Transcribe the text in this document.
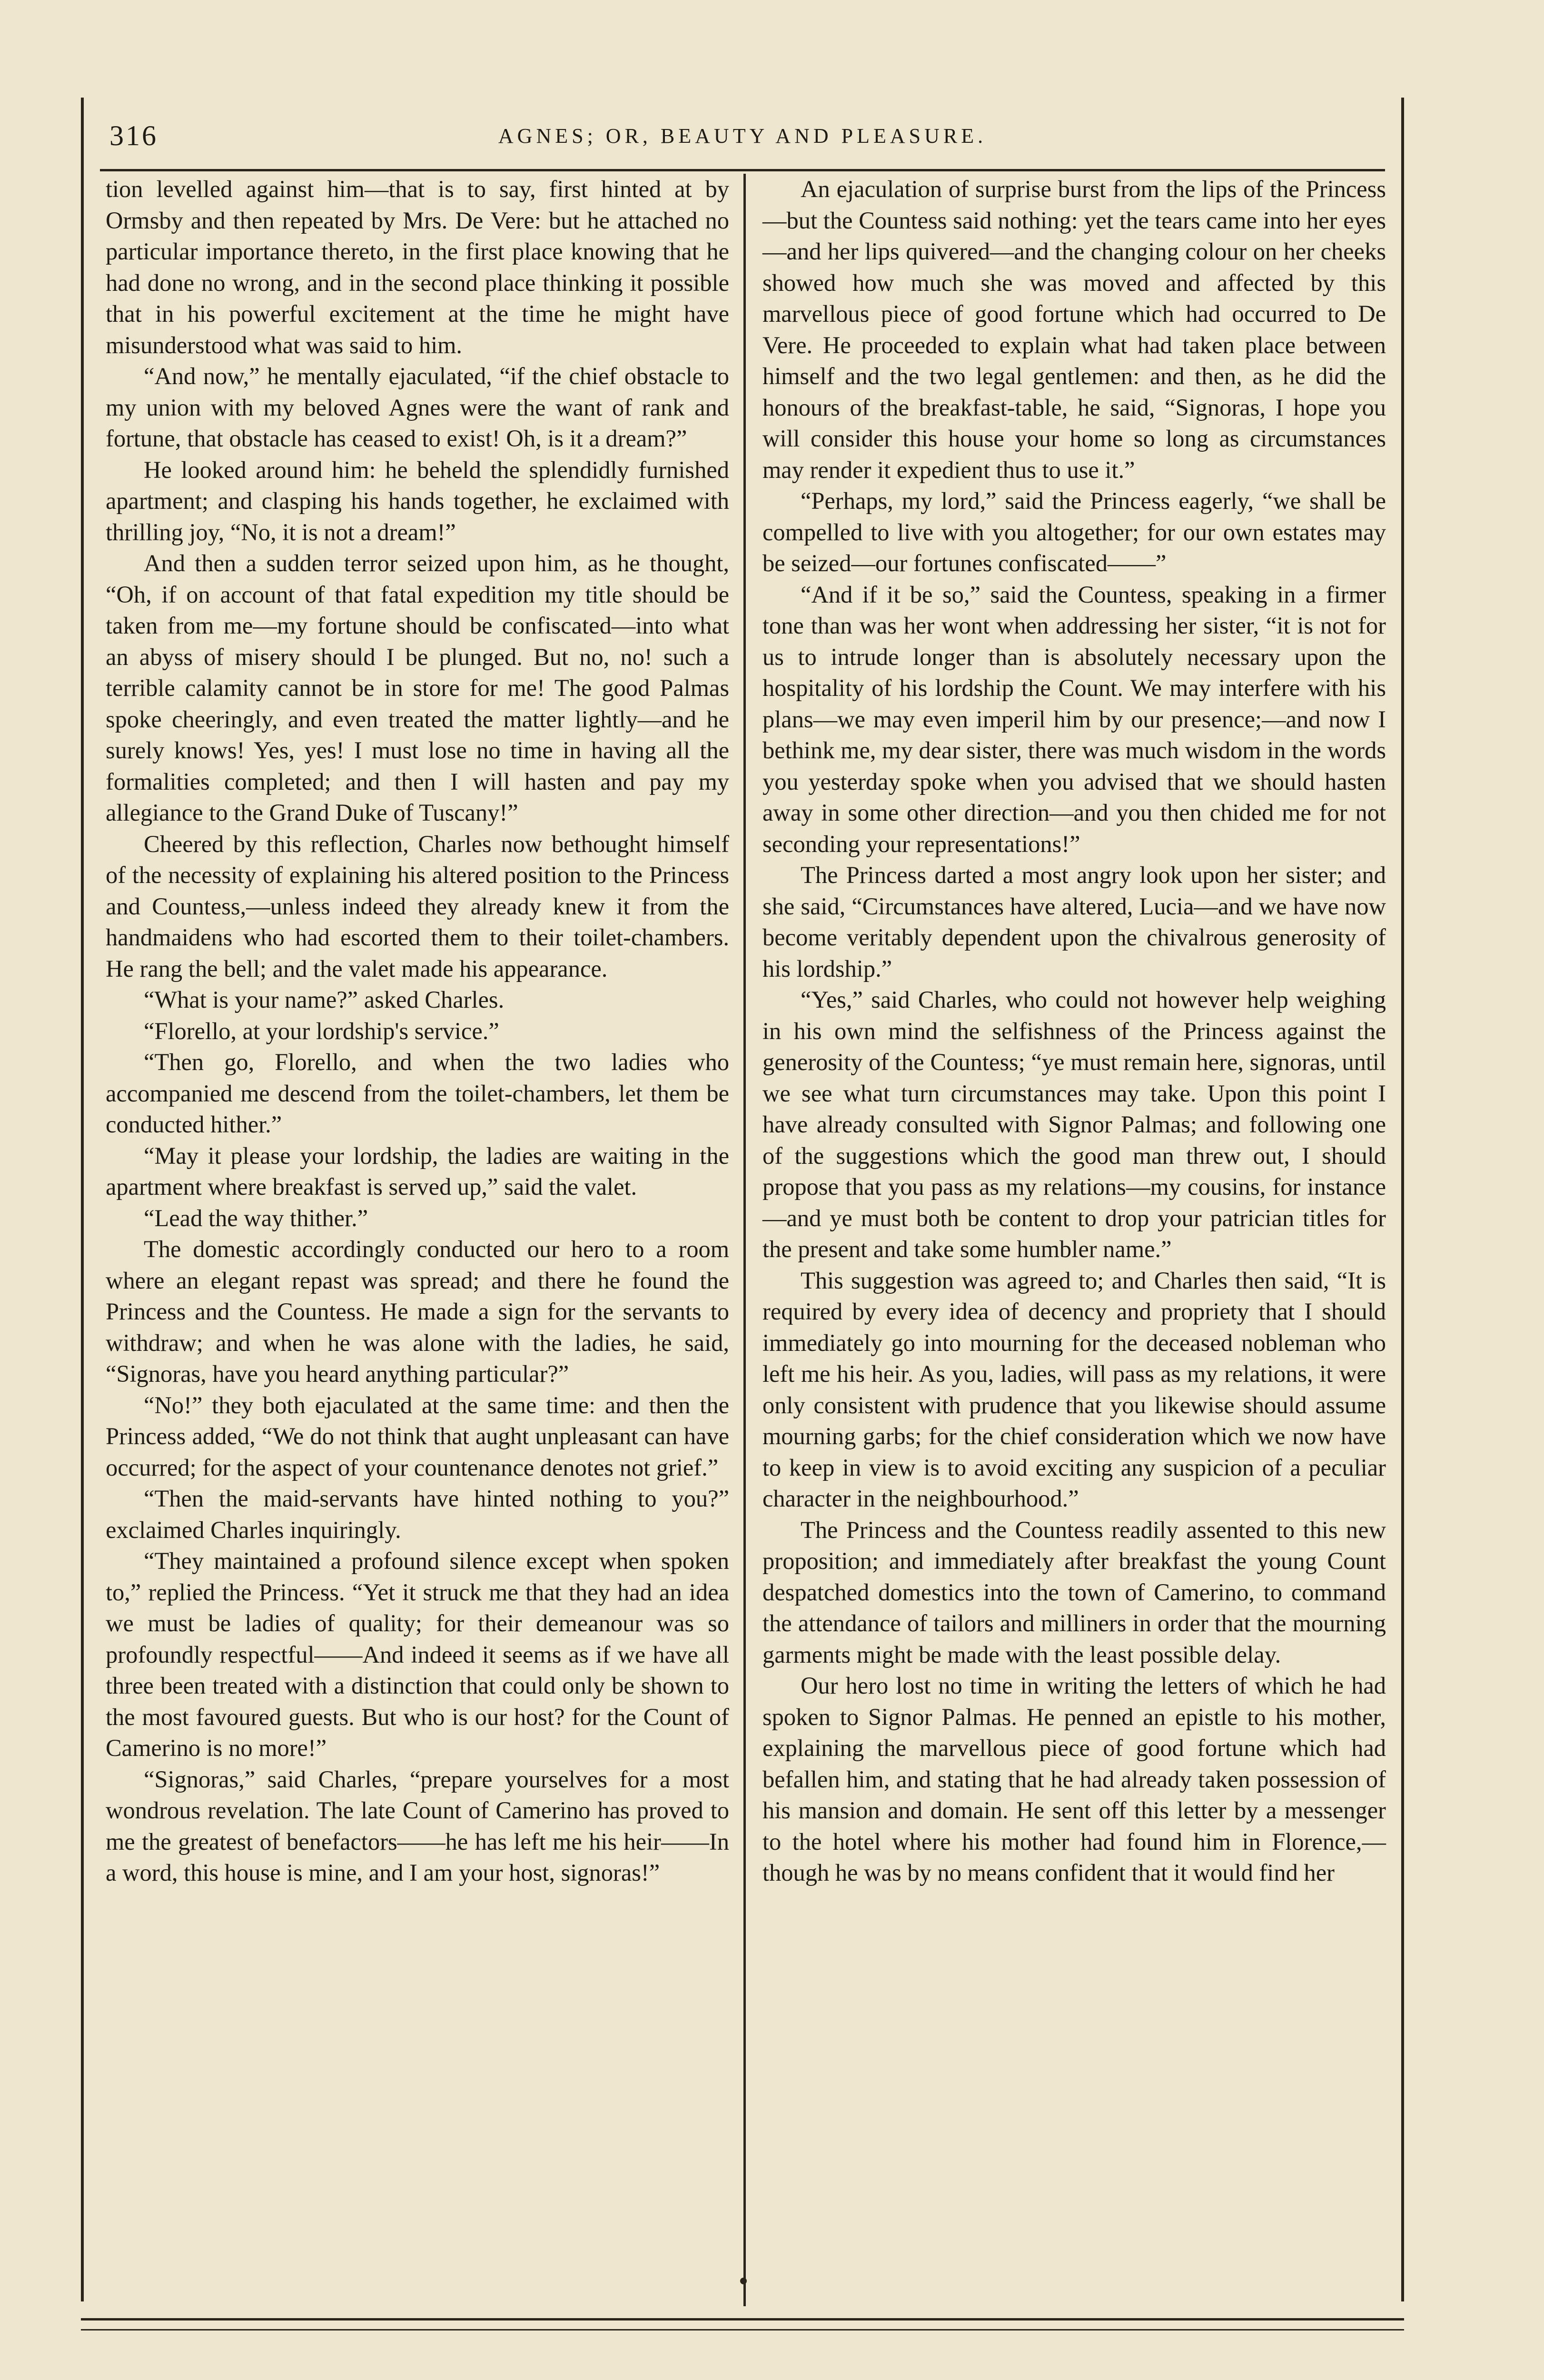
316	AGNES; OR, BEAUTY AND PLEASURE.

tion levelled against him—that is to say, first hinted at by Ormsby and then repeated by Mrs. De Vere: but he attached no particular importance thereto, in the first place knowing that he had done no wrong, and in the second place thinking it possible that in his powerful excitement at the time he might have misunderstood what was said to him.

“And now,” he mentally ejaculated, “if the chief obstacle to my union with my beloved Agnes were the want of rank and fortune, that obstacle has ceased to exist! Oh, is it a dream?”

He looked around him: he beheld the splendidly furnished apartment; and clasping his hands together, he exclaimed with thrilling joy, “No, it is not a dream!”

And then a sudden terror seized upon him, as he thought, “Oh, if on account of that fatal expedition my title should be taken from me—my fortune should be confiscated—into what an abyss of misery should I be plunged. But no, no! such a terrible calamity cannot be in store for me! The good Palmas spoke cheeringly, and even treated the matter lightly—and he surely knows! Yes, yes! I must lose no time in having all the formalities completed; and then I will hasten and pay my allegiance to the Grand Duke of Tuscany!”

Cheered by this reflection, Charles now bethought himself of the necessity of explaining his altered position to the Princess and Countess,—unless indeed they already knew it from the handmaidens who had escorted them to their toilet-chambers. He rang the bell; and the valet made his appearance.

“What is your name?” asked Charles.

“Florello, at your lordship's service.”

“Then go, Florello, and when the two ladies who accompanied me descend from the toilet-chambers, let them be conducted hither.”

“May it please your lordship, the ladies are waiting in the apartment where breakfast is served up,” said the valet.

“Lead the way thither.”

The domestic accordingly conducted our hero to a room where an elegant repast was spread; and there he found the Princess and the Countess. He made a sign for the servants to withdraw; and when he was alone with the ladies, he said, “Signoras, have you heard anything particular?”

“No!” they both ejaculated at the same time: and then the Princess added, “We do not think that aught unpleasant can have occurred; for the aspect of your countenance denotes not grief.”

“Then the maid-servants have hinted nothing to you?” exclaimed Charles inquiringly.

“They maintained a profound silence except when spoken to,” replied the Princess. “Yet it struck me that they had an idea we must be ladies of quality; for their demeanour was so profoundly respectful——And indeed it seems as if we have all three been treated with a distinction that could only be shown to the most favoured guests. But who is our host? for the Count of Camerino is no more!”

“Signoras,” said Charles, “prepare yourselves for a most wondrous revelation. The late Count of Camerino has proved to me the greatest of benefactors——he has left me his heir——In a word, this house is mine, and I am your host, signoras!”

An ejaculation of surprise burst from the lips of the Princess—but the Countess said nothing: yet the tears came into her eyes—and her lips quivered—and the changing colour on her cheeks showed how much she was moved and affected by this marvellous piece of good fortune which had occurred to De Vere. He proceeded to explain what had taken place between himself and the two legal gentlemen: and then, as he did the honours of the breakfast-table, he said, “Signoras, I hope you will consider this house your home so long as circumstances may render it expedient thus to use it.”

“Perhaps, my lord,” said the Princess eagerly, “we shall be compelled to live with you altogether; for our own estates may be seized—our fortunes confiscated——”

“And if it be so,” said the Countess, speaking in a firmer tone than was her wont when addressing her sister, “it is not for us to intrude longer than is absolutely necessary upon the hospitality of his lordship the Count. We may interfere with his plans—we may even imperil him by our presence;—and now I bethink me, my dear sister, there was much wisdom in the words you yesterday spoke when you advised that we should hasten away in some other direction—and you then chided me for not seconding your representations!”

The Princess darted a most angry look upon her sister; and she said, “Circumstances have altered, Lucia—and we have now become veritably dependent upon the chivalrous generosity of his lordship.”

“Yes,” said Charles, who could not however help weighing in his own mind the selfishness of the Princess against the generosity of the Countess; “ye must remain here, signoras, until we see what turn circumstances may take. Upon this point I have already consulted with Signor Palmas; and following one of the suggestions which the good man threw out, I should propose that you pass as my relations—my cousins, for instance—and ye must both be content to drop your patrician titles for the present and take some humbler name.”

This suggestion was agreed to; and Charles then said, “It is required by every idea of decency and propriety that I should immediately go into mourning for the deceased nobleman who left me his heir. As you, ladies, will pass as my relations, it were only consistent with prudence that you likewise should assume mourning garbs; for the chief consideration which we now have to keep in view is to avoid exciting any suspicion of a peculiar character in the neighbourhood.”

The Princess and the Countess readily assented to this new proposition; and immediately after breakfast the young Count despatched domestics into the town of Camerino, to command the attendance of tailors and milliners in order that the mourning garments might be made with the least possible delay.

Our hero lost no time in writing the letters of which he had spoken to Signor Palmas. He penned an epistle to his mother, explaining the marvellous piece of good fortune which had befallen him, and stating that he had already taken possession of his mansion and domain. He sent off this letter by a messenger to the hotel where his mother had found him in Florence,—though he was by no means confident that it would find her
